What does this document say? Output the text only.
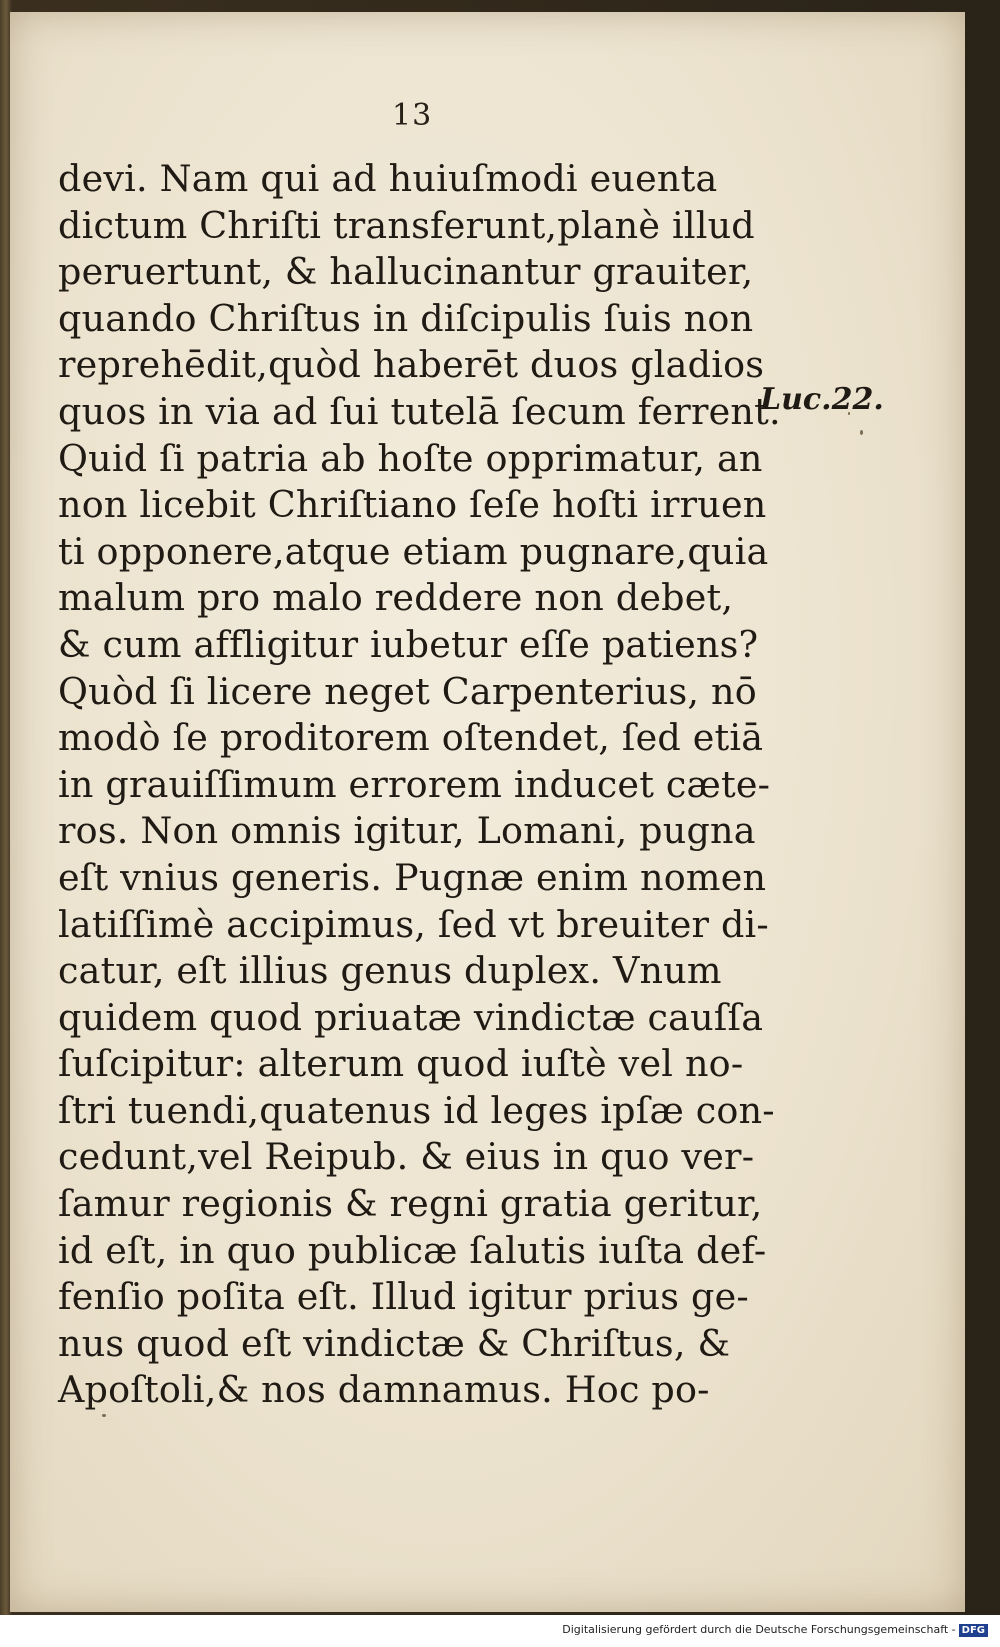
13
devi. Nam qui ad huiuſmodi euenta
dictum Chriſti transferunt,planè illud
peruertunt, & hallucinantur grauiter,
quando Chriſtus in diſcipulis ſuis non
reprehēdit,quòd haberēt duos gladios
quos in via ad ſui tutelā ſecum ferrent.
Quid ſi patria ab hoſte opprimatur, an
non licebit Chriſtiano ſeſe hoſti irruen
ti opponere,atque etiam pugnare,quia
malum pro malo reddere non debet,
& cum affligitur iubetur eſſe patiens?
Quòd ſi licere neget Carpenterius, nō
modò ſe proditorem oſtendet, ſed etiā
in grauiſſimum errorem inducet cæte-
ros. Non omnis igitur, Lomani, pugna
eſt vnius generis. Pugnæ enim nomen
latiſſimè accipimus, ſed vt breuiter di-
catur, eſt illius genus duplex. Vnum
quidem quod priuatæ vindictæ cauſſa
ſuſcipitur: alterum quod iuſtè vel no-
ſtri tuendi,quatenus id leges ipſæ con-
cedunt,vel Reipub. & eius in quo ver-
ſamur regionis & regni gratia geritur,
id eſt, in quo publicæ ſalutis iuſta def-
fenſio poſita eſt. Illud igitur prius ge-
nus quod eſt vindictæ & Chriſtus, &
Apoſtoli,& nos damnamus. Hoc po-
Luc.22.
Digitalisierung gefördert durch die Deutsche Forschungsgemeinschaft - DFG
